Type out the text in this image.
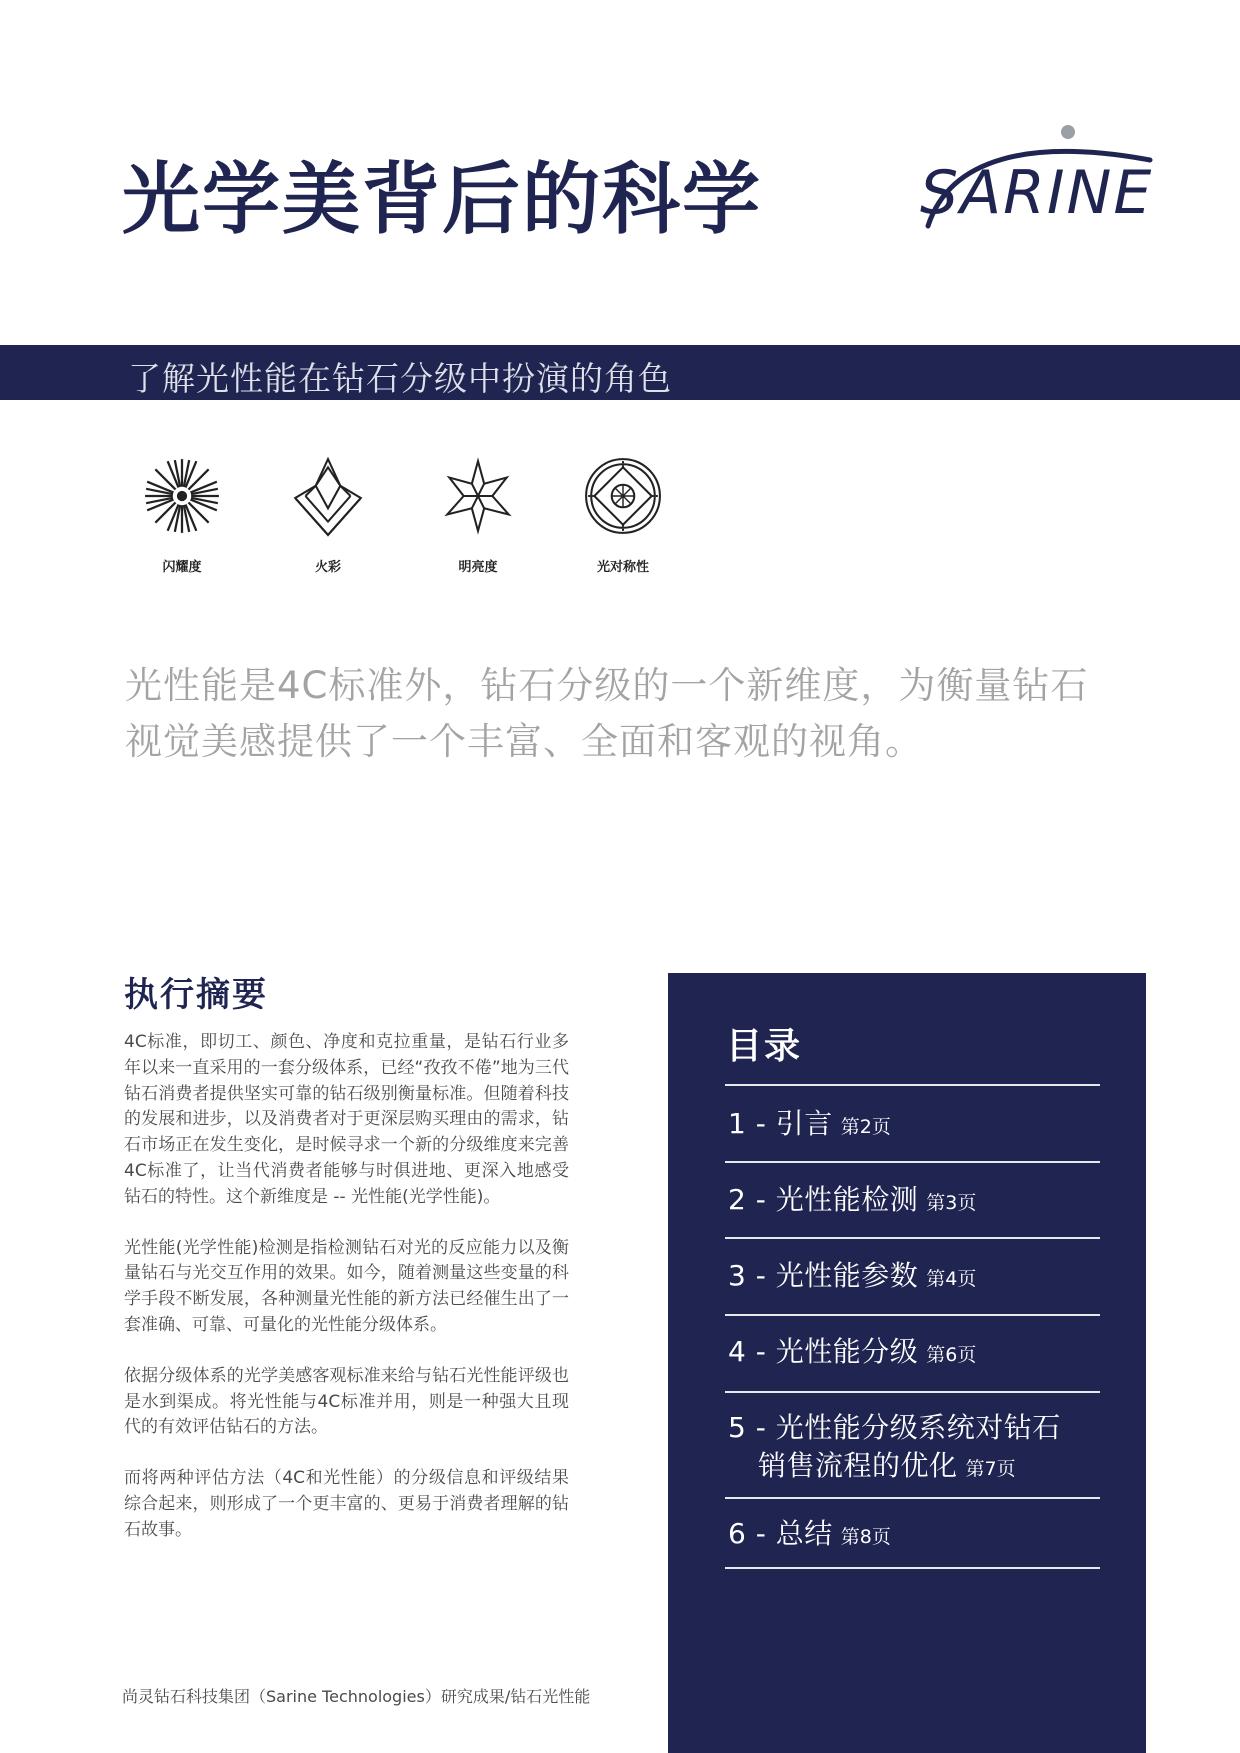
光学美背后的科学	SARINE
了解光性能在钻石分级中扮演的角色
闪耀度	火彩	明亮度	光对称性
光性能是4C标准外，钻石分级的一个新维度，为衡量钻石视觉美感提供了一个丰富、全面和客观的视角。
执行摘要

4C标准，即切工、颜色、净度和克拉重量，是钻石行业多年以来一直采用的一套分级体系，已经“孜孜不倦”地为三代钻石消费者提供坚实可靠的钻石级别衡量标准。但随着科技的发展和进步，以及消费者对于更深层购买理由的需求，钻石市场正在发生变化，是时候寻求一个新的分级维度来完善4C标准了，让当代消费者能够与时俱进地、更深入地感受钻石的特性。这个新维度是 -- 光性能(光学性能)。

光性能(光学性能)检测是指检测钻石对光的反应能力以及衡量钻石与光交互作用的效果。如今，随着测量这些变量的科学手段不断发展，各种测量光性能的新方法已经催生出了一套准确、可靠、可量化的光性能分级体系。

依据分级体系的光学美感客观标准来给与钻石光性能评级也是水到渠成。将光性能与4C标准并用，则是一种强大且现代的有效评估钻石的方法。

而将两种评估方法（4C和光性能）的分级信息和评级结果综合起来，则形成了一个更丰富的、更易于消费者理解的钻石故事。

目录
1 - 引言 第2页
2 - 光性能检测 第3页
3 - 光性能参数 第4页
4 - 光性能分级 第6页
5 - 光性能分级系统对钻石
销售流程的优化 第7页
6 - 总结 第8页
尚灵钻石科技集团（Sarine Technologies）研究成果/钻石光性能
